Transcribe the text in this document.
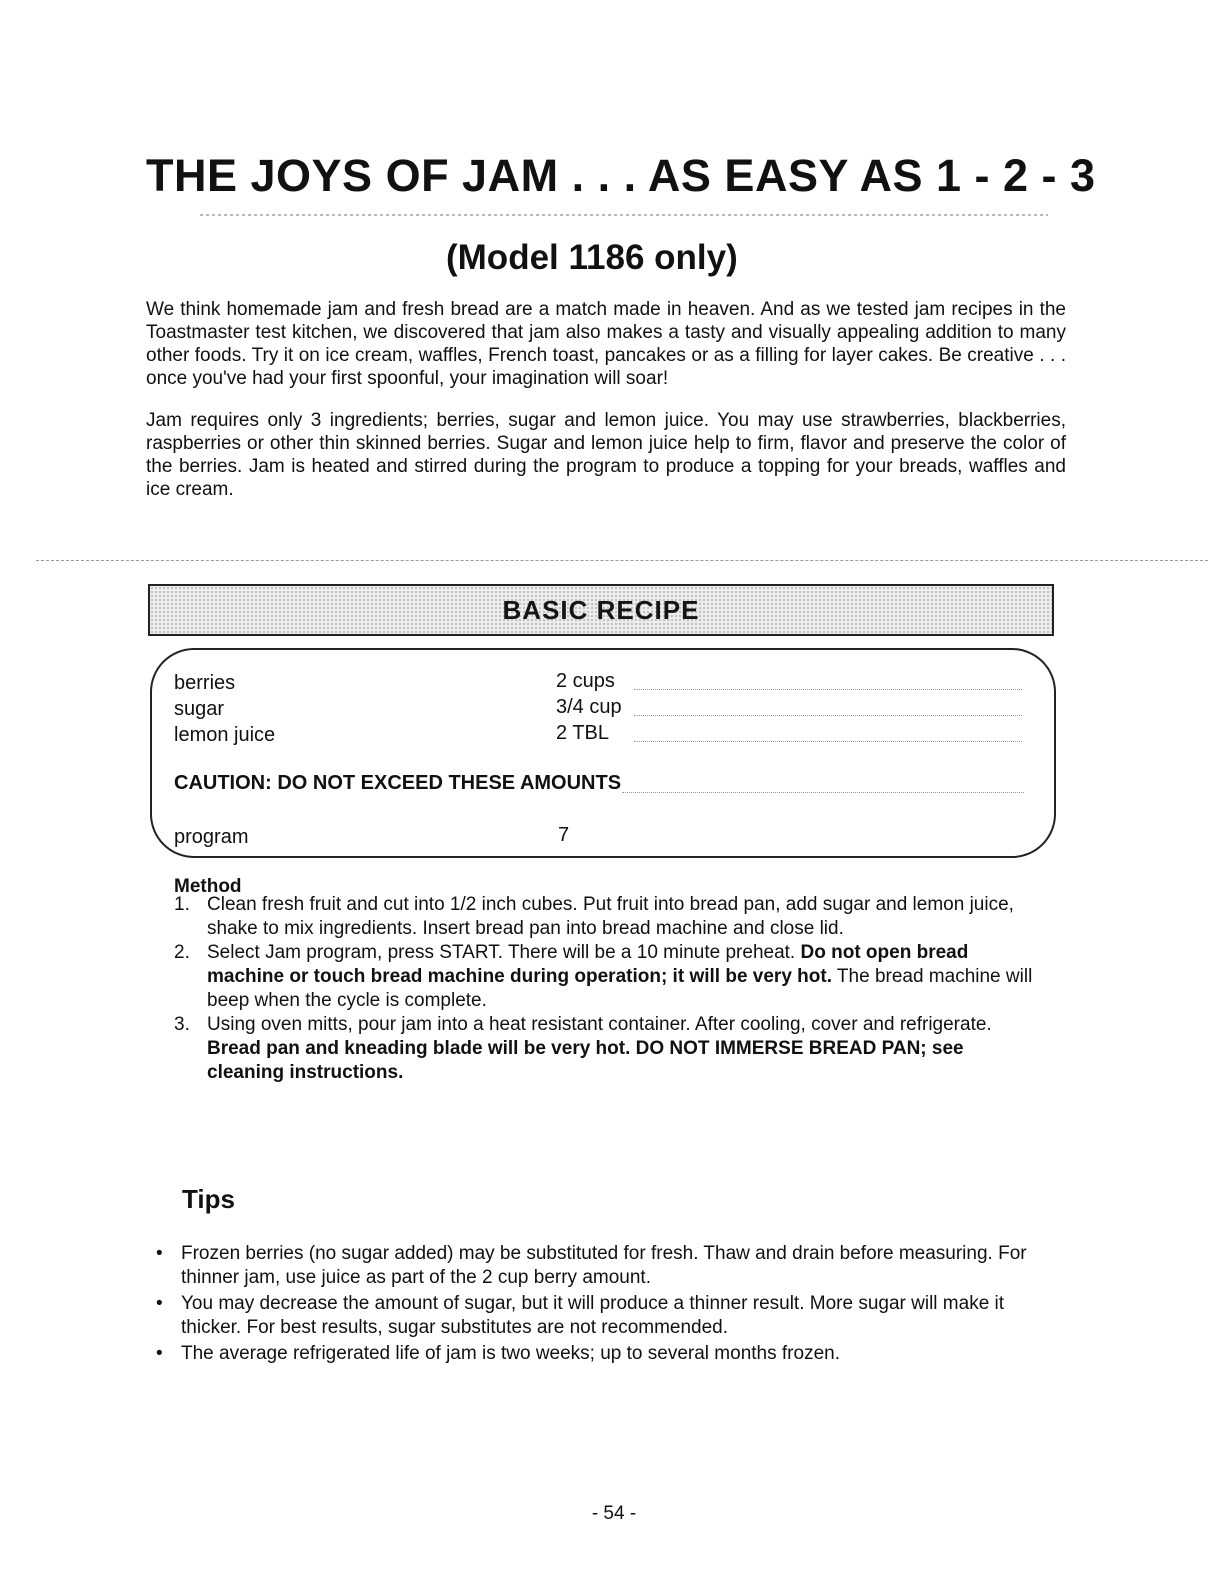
THE JOYS OF JAM . . . AS EASY AS 1 - 2 - 3
(Model 1186 only)

We think homemade jam and fresh bread are a match made in heaven. And as we tested jam recipes in the Toastmaster test kitchen, we discovered that jam also makes a tasty and visually appealing addition to many other foods. Try it on ice cream, waffles, French toast, pancakes or as a filling for layer cakes. Be creative . . . once you've had your first spoonful, your imagination will soar!

Jam requires only 3 ingredients; berries, sugar and lemon juice. You may use strawberries, blackberries, raspberries or other thin skinned berries. Sugar and lemon juice help to firm, flavor and preserve the color of the berries. Jam is heated and stirred during the program to produce a topping for your breads, waffles and ice cream.

BASIC RECIPE
berries	2 cups
sugar	3/4 cup
lemon juice	2 TBL
CAUTION: DO NOT EXCEED THESE AMOUNTS
program	7
Method
1. Clean fresh fruit and cut into 1/2 inch cubes. Put fruit into bread pan, add sugar and lemon juice, shake to mix ingredients. Insert bread pan into bread machine and close lid.
2. Select Jam program, press START. There will be a 10 minute preheat. Do not open bread machine or touch bread machine during operation; it will be very hot. The bread machine will beep when the cycle is complete.
3. Using oven mitts, pour jam into a heat resistant container. After cooling, cover and refrigerate. Bread pan and kneading blade will be very hot. DO NOT IMMERSE BREAD PAN; see cleaning instructions.
Tips
• Frozen berries (no sugar added) may be substituted for fresh. Thaw and drain before measuring. For thinner jam, use juice as part of the 2 cup berry amount.
• You may decrease the amount of sugar, but it will produce a thinner result. More sugar will make it thicker. For best results, sugar substitutes are not recommended.
• The average refrigerated life of jam is two weeks; up to several months frozen.
- 54 -
